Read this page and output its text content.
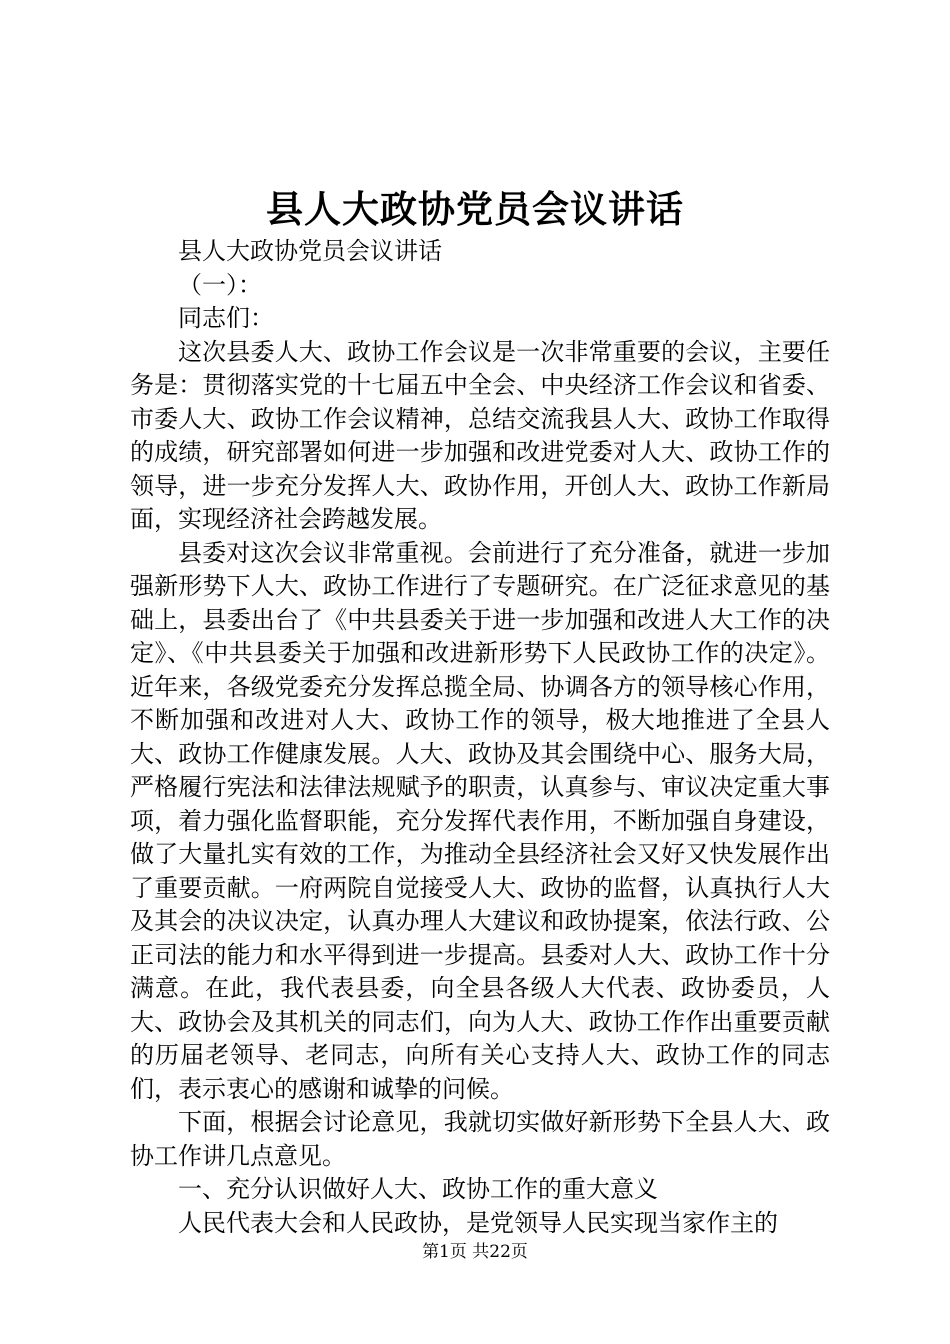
县人大政协党员会议讲话

县人大政协党员会议讲话

（一）：

同志们：

这次县委人大、政协工作会议是一次非常重要的会议，主要任务是：贯彻落实党的十七届五中全会、中央经济工作会议和省委、市委人大、政协工作会议精神，总结交流我县人大、政协工作取得的成绩，研究部署如何进一步加强和改进党委对人大、政协工作的领导，进一步充分发挥人大、政协作用，开创人大、政协工作新局面，实现经济社会跨越发展。

县委对这次会议非常重视。会前进行了充分准备，就进一步加强新形势下人大、政协工作进行了专题研究。在广泛征求意见的基础上，县委出台了《中共县委关于进一步加强和改进人大工作的决定》、《中共县委关于加强和改进新形势下人民政协工作的决定》。近年来，各级党委充分发挥总揽全局、协调各方的领导核心作用，不断加强和改进对人大、政协工作的领导，极大地推进了全县人大、政协工作健康发展。人大、政协及其会围绕中心、服务大局，严格履行宪法和法律法规赋予的职责，认真参与、审议决定重大事项，着力强化监督职能，充分发挥代表作用，不断加强自身建设，做了大量扎实有效的工作，为推动全县经济社会又好又快发展作出了重要贡献。一府两院自觉接受人大、政协的监督，认真执行人大及其会的决议决定，认真办理人大建议和政协提案，依法行政、公正司法的能力和水平得到进一步提高。县委对人大、政协工作十分满意。在此，我代表县委，向全县各级人大代表、政协委员，人大、政协会及其机关的同志们，向为人大、政协工作作出重要贡献的历届老领导、老同志，向所有关心支持人大、政协工作的同志们，表示衷心的感谢和诚挚的问候。

下面，根据会讨论意见，我就切实做好新形势下全县人大、政协工作讲几点意见。

一、充分认识做好人大、政协工作的重大意义

人民代表大会和人民政协，是党领导人民实现当家作主的

第1页 共22页
